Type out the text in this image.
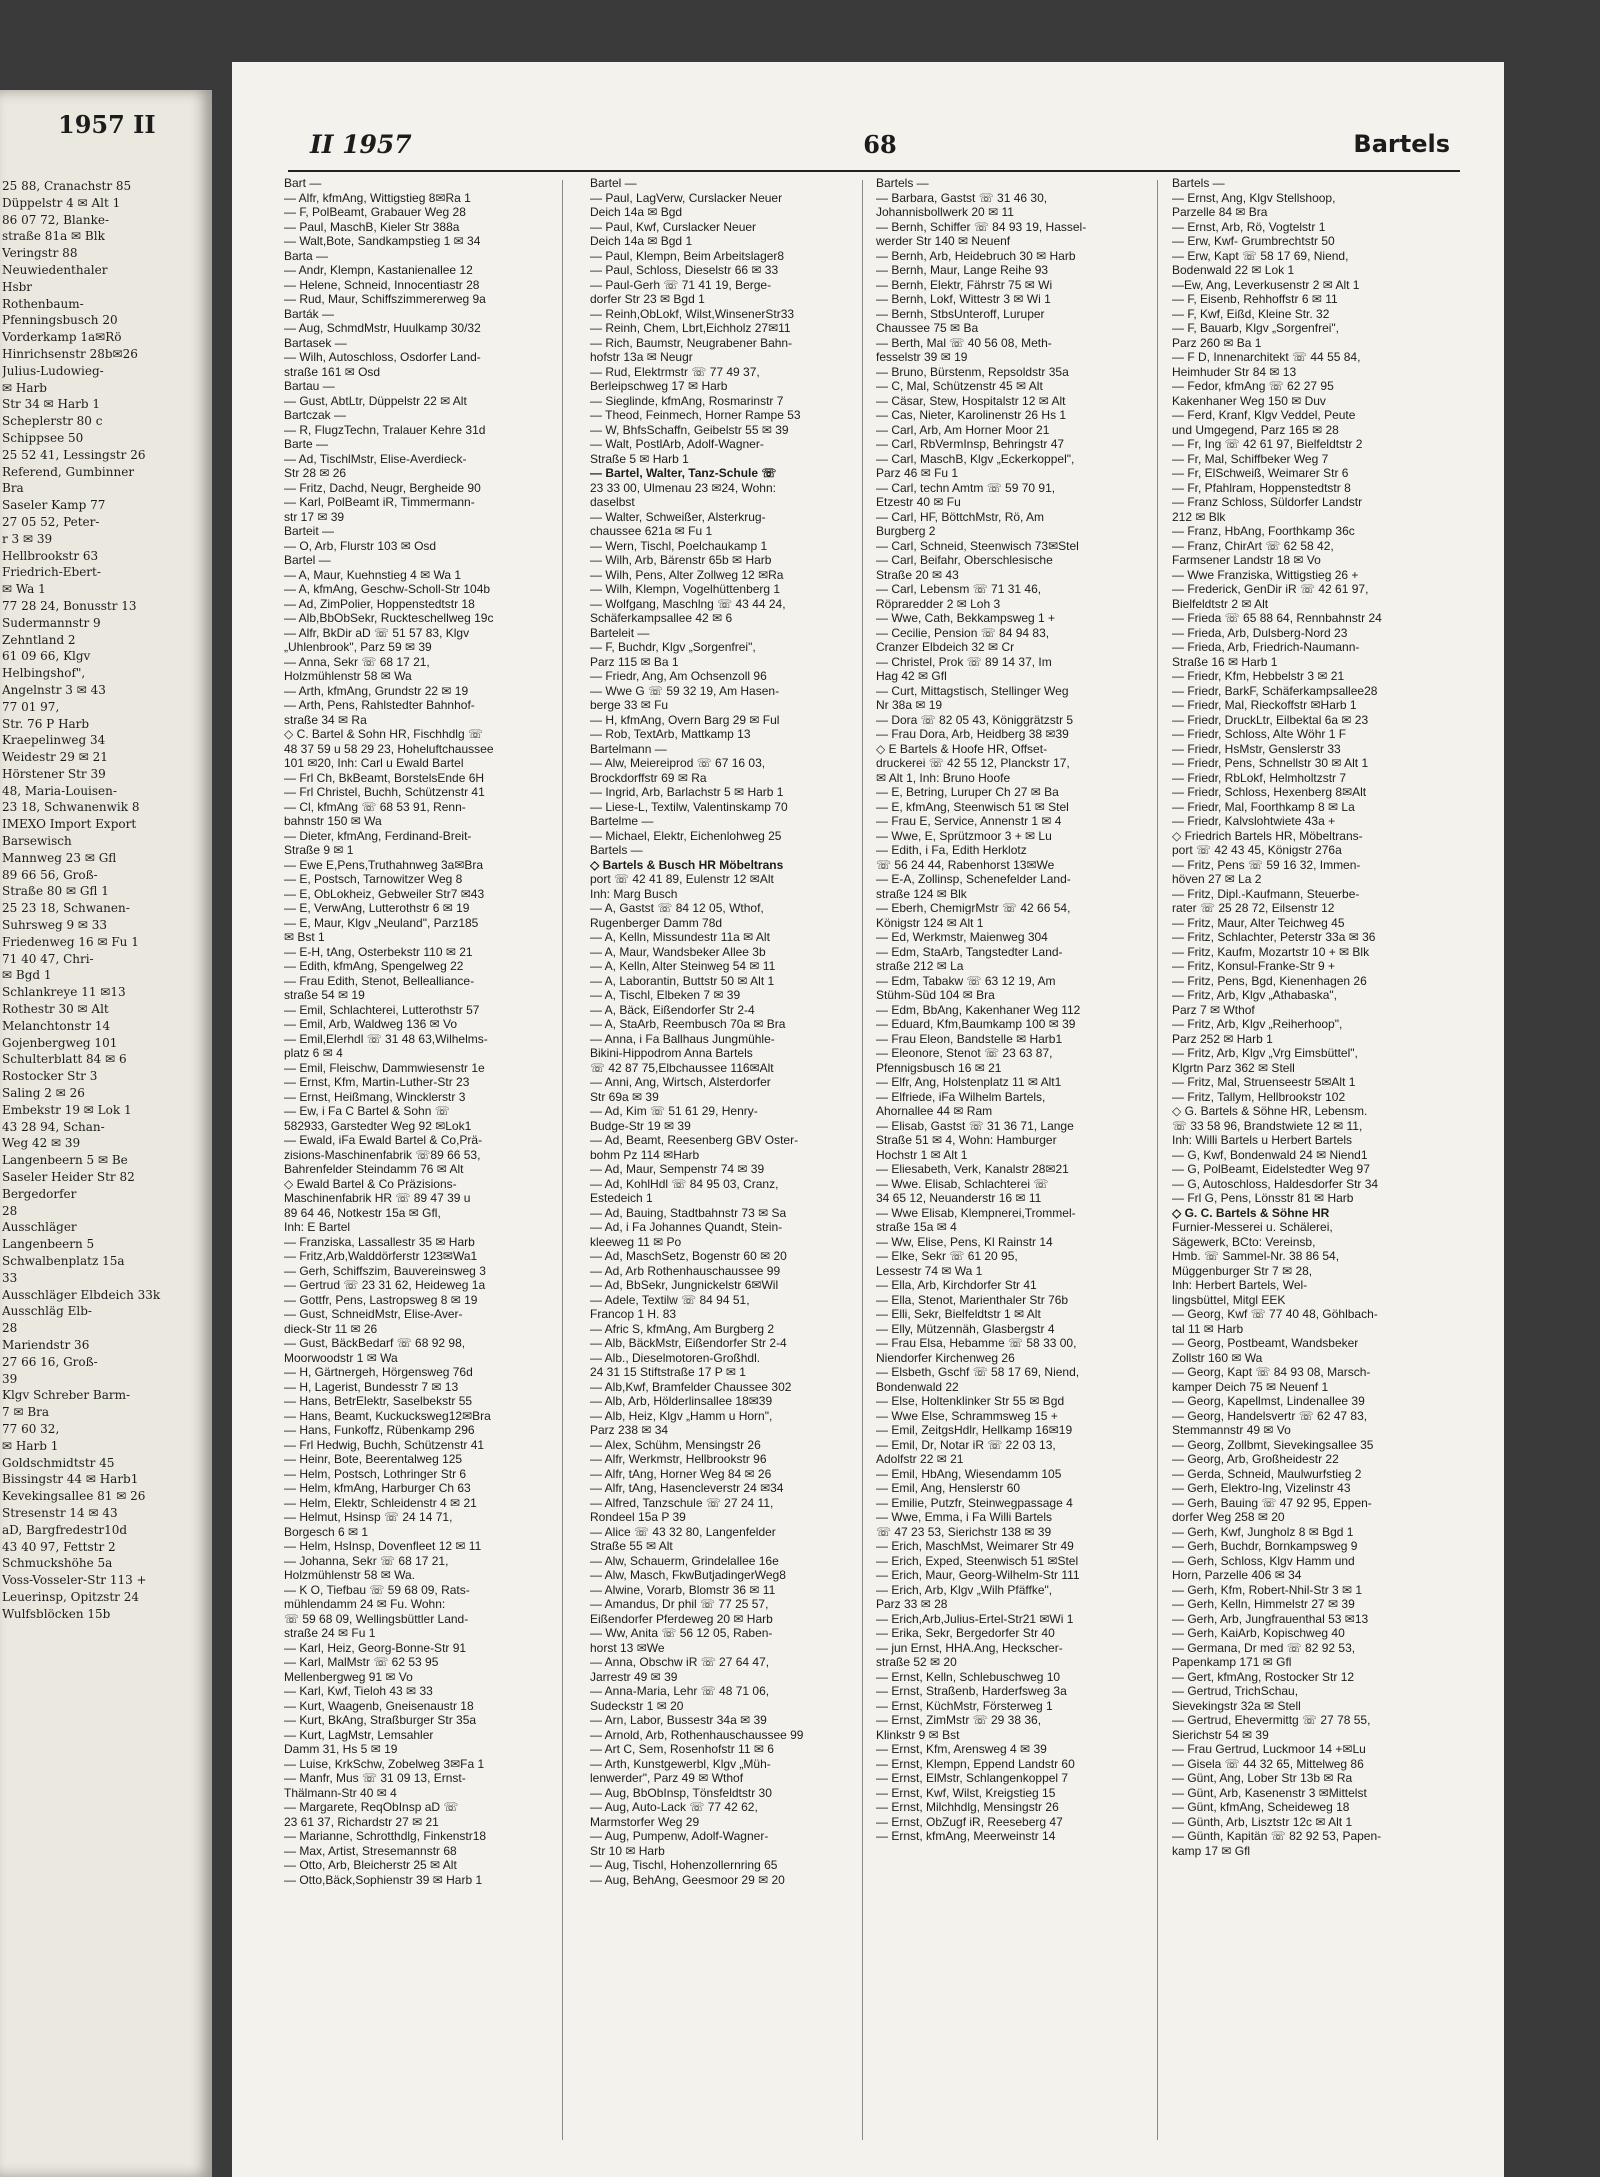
1957 II
25 88, Cranachstr 85
Düppelstr 4 ✉ Alt 1
86 07 72, Blanke-
straße 81a ✉ Blk
Veringstr 88
Neuwiedenthaler
Hsbr
Rothenbaum-
Pfenningsbusch 20
Vorderkamp 1a✉Rö
Hinrichsenstr 28b✉26
Julius-Ludowieg-
✉ Harb
Str 34 ✉ Harb 1
Scheplerstr 80 c
Schippsee 50
25 52 41, Lessingstr 26
Referend, Gumbinner
Bra
Saseler Kamp 77
27 05 52, Peter-
r 3 ✉ 39
Hellbrookstr 63
Friedrich-Ebert-
✉ Wa 1
77 28 24, Bonusstr 13
Sudermannstr 9
Zehntland 2
61 09 66, Klgv
Helbingshof",
Angelnstr 3 ✉ 43
77 01 97,
Str. 76 P Harb
Kraepelinweg 34
Weidestr 29 ✉ 21
Hörstener Str 39
48, Maria-Louisen-
23 18, Schwanenwik 8
IMEXO Import Export
Barsewisch
Mannweg 23 ✉ Gfl
89 66 56, Groß-
Straße 80 ✉ Gfl 1
25 23 18, Schwanen-
Suhrsweg 9 ✉ 33
Friedenweg 16 ✉ Fu 1
71 40 47, Chri-
✉ Bgd 1
Schlankreye 11 ✉13
Rothestr 30 ✉ Alt
Melanchtonstr 14
Gojenbergweg 101
Schulterblatt 84 ✉ 6
Rostocker Str 3
Saling 2 ✉ 26
Embekstr 19 ✉ Lok 1
43 28 94, Schan-
Weg 42 ✉ 39
Langenbeern 5 ✉ Be
Saseler Heider Str 82
Bergedorfer
28
Ausschläger
Langenbeern 5
Schwalbenplatz 15a
33
Ausschläger Elbdeich 33k
Ausschläg Elb-
28
Mariendstr 36
27 66 16, Groß-
39
Klgv Schreber Barm-
7 ✉ Bra
77 60 32,
✉ Harb 1
Goldschmidtstr 45
Bissingstr 44 ✉ Harb1
Kevekingsallee 81 ✉ 26
Stresenstr 14 ✉ 43
aD, Bargfredestr10d
43 40 97, Fettstr 2
Schmuckshöhe 5a
Voss-Vosseler-Str 113 +
Leuerinsp, Opitzstr 24
Wulfsblöcken 15b
II 1957	68	Bartels
Bart —
— Alfr, kfmAng, Wittigstieg 8✉Ra 1
— F, PolBeamt, Grabauer Weg 28
— Paul, MaschB, Kieler Str 388a
— Walt,Bote, Sandkampstieg 1 ✉ 34
Barta —
— Andr, Klempn, Kastanienallee 12
— Helene, Schneid, Innocentiastr 28
— Rud, Maur, Schiffszimmererweg 9a
Barták —
— Aug, SchmdMstr, Huulkamp 30/32
Bartasek —
— Wilh, Autoschloss, Osdorfer Land-
straße 161 ✉ Osd
Bartau —
— Gust, AbtLtr, Düppelstr 22 ✉ Alt
Bartczak —
— R, FlugzTechn, Tralauer Kehre 31d
Barte —
— Ad, TischlMstr, Elise-Averdieck-
Str 28 ✉ 26
— Fritz, Dachd, Neugr, Bergheide 90
— Karl, PolBeamt iR, Timmermann-
str 17 ✉ 39
Barteit —
— O, Arb, Flurstr 103 ✉ Osd
Bartel —
— A, Maur, Kuehnstieg 4 ✉ Wa 1
— A, kfmAng, Geschw-Scholl-Str 104b
— Ad, ZimPolier, Hoppenstedtstr 18
— Alb,BbObSekr, Ruckteschellweg 19c
— Alfr, BkDir aD ☏ 51 57 83, Klgv
„Uhlenbrook", Parz 59 ✉ 39
— Anna, Sekr ☏ 68 17 21,
Holzmühlenstr 58 ✉ Wa
— Arth, kfmAng, Grundstr 22 ✉ 19
— Arth, Pens, Rahlstedter Bahnhof-
straße 34 ✉ Ra
◇ C. Bartel & Sohn HR, Fischhdlg ☏
48 37 59 u 58 29 23, Hoheluftchaussee
101 ✉20, Inh: Carl u Ewald Bartel
— Frl Ch, BkBeamt, BorstelsEnde 6H
— Frl Christel, Buchh, Schützenstr 41
— Cl, kfmAng ☏ 68 53 91, Renn-
bahnstr 150 ✉ Wa
— Dieter, kfmAng, Ferdinand-Breit-
Straße 9 ✉ 1
— Ewe E,Pens,Truthahnweg 3a✉Bra
— E, Postsch, Tarnowitzer Weg 8
— E, ObLokheiz, Gebweiler Str7 ✉43
— E, VerwAng, Lutterothstr 6 ✉ 19
— E, Maur, Klgv „Neuland", Parz185
✉ Bst 1
— E-H, tAng, Osterbekstr 110 ✉ 21
— Edith, kfmAng, Spengelweg 22
— Frau Edith, Stenot, Bellealliance-
straße 54 ✉ 19
— Emil, Schlachterei, Lutterothstr 57
— Emil, Arb, Waldweg 136 ✉ Vo
— Emil,Elerhdl ☏ 31 48 63,Wilhelms-
platz 6 ✉ 4
— Emil, Fleischw, Dammwiesenstr 1e
— Ernst, Kfm, Martin-Luther-Str 23
— Ernst, Heißmang, Wincklerstr 3
— Ew, i Fa C Bartel & Sohn ☏
582933, Garstedter Weg 92 ✉Lok1
— Ewald, iFa Ewald Bartel & Co,Prä-
zisions-Maschinenfabrik ☏89 66 53,
Bahrenfelder Steindamm 76 ✉ Alt
◇ Ewald Bartel & Co Präzisions-
Maschinenfabrik HR ☏ 89 47 39 u
89 64 46, Notkestr 15a ✉ Gfl,
Inh: E Bartel
— Franziska, Lassallestr 35 ✉ Harb
— Fritz,Arb,Walddörferstr 123✉Wa1
— Gerh, Schiffszim, Bauvereinsweg 3
— Gertrud ☏ 23 31 62, Heideweg 1a
— Gottfr, Pens, Lastropsweg 8 ✉ 19
— Gust, SchneidMstr, Elise-Aver-
dieck-Str 11 ✉ 26
— Gust, BäckBedarf ☏ 68 92 98,
Moorwoodstr 1 ✉ Wa
— H, Gärtnergeh, Hörgensweg 76d
— H, Lagerist, Bundesstr 7 ✉ 13
— Hans, BetrElektr, Saselbekstr 55
— Hans, Beamt, Kuckucksweg12✉Bra
— Hans, Funkoffz, Rübenkamp 296
— Frl Hedwig, Buchh, Schützenstr 41
— Heinr, Bote, Beerentalweg 125
— Helm, Postsch, Lothringer Str 6
— Helm, kfmAng, Harburger Ch 63
— Helm, Elektr, Schleidenstr 4 ✉ 21
— Helmut, Hsinsp ☏ 24 14 71,
Borgesch 6 ✉ 1
— Helm, HsInsp, Dovenfleet 12 ✉ 11
— Johanna, Sekr ☏ 68 17 21,
Holzmühlenstr 58 ✉ Wa.
— K O, Tiefbau ☏ 59 68 09, Rats-
mühlendamm 24 ✉ Fu. Wohn:
☏ 59 68 09, Wellingsbüttler Land-
straße 24 ✉ Fu 1
— Karl, Heiz, Georg-Bonne-Str 91
— Karl, MalMstr ☏ 62 53 95
Mellenbergweg 91 ✉ Vo
— Karl, Kwf, Tieloh 43 ✉ 33
— Kurt, Waagenb, Gneisenaustr 18
— Kurt, BkAng, Straßburger Str 35a
— Kurt, LagMstr, Lemsahler
Damm 31, Hs 5 ✉ 19
— Luise, KrkSchw, Zobelweg 3✉Fa 1
— Manfr, Mus ☏ 31 09 13, Ernst-
Thälmann-Str 40 ✉ 4
— Margarete, ReqObInsp aD ☏
23 61 37, Richardstr 27 ✉ 21
— Marianne, Schrotthdlg, Finkenstr18
— Max, Artist, Stresemannstr 68
— Otto, Arb, Bleicherstr 25 ✉ Alt
— Otto,Bäck,Sophienstr 39 ✉ Harb 1
Bartel —
— Paul, LagVerw, Curslacker Neuer
Deich 14a ✉ Bgd
— Paul, Kwf, Curslacker Neuer
Deich 14a ✉ Bgd 1
— Paul, Klempn, Beim Arbeitslager8
— Paul, Schloss, Dieselstr 66 ✉ 33
— Paul-Gerh ☏ 71 41 19, Berge-
dorfer Str 23 ✉ Bgd 1
— Reinh,ObLokf, Wilst,WinsenerStr33
— Reinh, Chem, Lbrt,Eichholz 27✉11
— Rich, Baumstr, Neugrabener Bahn-
hofstr 13a ✉ Neugr
— Rud, Elektrmstr ☏ 77 49 37,
Berleipschweg 17 ✉ Harb
— Sieglinde, kfmAng, Rosmarinstr 7
— Theod, Feinmech, Horner Rampe 53
— W, BhfsSchaffn, Geibelstr 55 ✉ 39
— Walt, PostlArb, Adolf-Wagner-
Straße 5 ✉ Harb 1
— Bartel, Walter, Tanz-Schule ☏
23 33 00, Ulmenau 23 ✉24, Wohn:
daselbst
— Walter, Schweißer, Alsterkrug-
chaussee 621a ✉ Fu 1
— Wern, Tischl, Poelchaukamp 1
— Wilh, Arb, Bärenstr 65b ✉ Harb
— Wilh, Pens, Alter Zollweg 12 ✉Ra
— Wilh, Klempn, Vogelhüttenberg 1
— Wolfgang, Maschlng ☏ 43 44 24,
Schäferkampsallee 42 ✉ 6
Barteleit —
— F, Buchdr, Klgv „Sorgenfrei",
Parz 115 ✉ Ba 1
— Friedr, Ang, Am Ochsenzoll 96
— Wwe G ☏ 59 32 19, Am Hasen-
berge 33 ✉ Fu
— H, kfmAng, Overn Barg 29 ✉ Ful
— Rob, TextArb, Mattkamp 13
Bartelmann —
— Alw, Meiereiprod ☏ 67 16 03,
Brockdorffstr 69 ✉ Ra
— Ingrid, Arb, Barlachstr 5 ✉ Harb 1
— Liese-L, Textilw, Valentinskamp 70
Bartelme —
— Michael, Elektr, Eichenlohweg 25
Bartels —
◇ Bartels & Busch HR Möbeltrans
port ☏ 42 41 89, Eulenstr 12 ✉Alt
Inh: Marg Busch
— A, Gastst ☏ 84 12 05, Wthof,
Rugenberger Damm 78d
— A, Kelln, Missundestr 11a ✉ Alt
— A, Maur, Wandsbeker Allee 3b
— A, Kelln, Alter Steinweg 54 ✉ 11
— A, Laborantin, Buttstr 50 ✉ Alt 1
— A, Tischl, Elbeken 7 ✉ 39
— A, Bäck, Eißendorfer Str 2-4
— A, StaArb, Reembusch 70a ✉ Bra
— Anna, i Fa Ballhaus Jungmühle-
Bikini-Hippodrom Anna Bartels
☏ 42 87 75,Elbchaussee 116✉Alt
— Anni, Ang, Wirtsch, Alsterdorfer
Str 69a ✉ 39
— Ad, Kim ☏ 51 61 29, Henry-
Budge-Str 19 ✉ 39
— Ad, Beamt, Reesenberg GBV Oster-
bohm Pz 114 ✉Harb
— Ad, Maur, Sempenstr 74 ✉ 39
— Ad, KohlHdl ☏ 84 95 03, Cranz,
Estedeich 1
— Ad, Bauing, Stadtbahnstr 73 ✉ Sa
— Ad, i Fa Johannes Quandt, Stein-
kleeweg 11 ✉ Po
— Ad, MaschSetz, Bogenstr 60 ✉ 20
— Ad, Arb Rothenhauschaussee 99
— Ad, BbSekr, Jungnickelstr 6✉Wil
— Adele, Textilw ☏ 84 94 51,
Francop 1 H. 83
— Afric S, kfmAng, Am Burgberg 2
— Alb, BäckMstr, Eißendorfer Str 2-4
— Alb., Dieselmotoren-Großhdl.
24 31 15 Stiftstraße 17 P ✉ 1
— Alb,Kwf, Bramfelder Chaussee 302
— Alb, Arb, Hölderlinsallee 18✉39
— Alb, Heiz, Klgv „Hamm u Horn",
Parz 238 ✉ 34
— Alex, Schühm, Mensingstr 26
— Alfr, Werkmstr, Hellbrookstr 96
— Alfr, tAng, Horner Weg 84 ✉ 26
— Alfr, tAng, Hasencleverstr 24 ✉34
— Alfred, Tanzschule ☏ 27 24 11,
Rondeel 15a P 39
— Alice ☏ 43 32 80, Langenfelder
Straße 55 ✉ Alt
— Alw, Schauerm, Grindelallee 16e
— Alw, Masch, FkwButjadingerWeg8
— Alwine, Vorarb, Blomstr 36 ✉ 11
— Amandus, Dr phil ☏ 77 25 57,
Eißendorfer Pferdeweg 20 ✉ Harb
— Ww, Anita ☏ 56 12 05, Raben-
horst 13 ✉We
— Anna, Obschw iR ☏ 27 64 47,
Jarrestr 49 ✉ 39
— Anna-Maria, Lehr ☏ 48 71 06,
Sudeckstr 1 ✉ 20
— Arn, Labor, Bussestr 34a ✉ 39
— Arnold, Arb, Rothenhauschaussee 99
— Art C, Sem, Rosenhofstr 11 ✉ 6
— Arth, Kunstgewerbl, Klgv „Müh-
lenwerder", Parz 49 ✉ Wthof
— Aug, BbObInsp, Tönsfeldtstr 30
— Aug, Auto-Lack ☏ 77 42 62,
Marmstorfer Weg 29
— Aug, Pumpenw, Adolf-Wagner-
Str 10 ✉ Harb
— Aug, Tischl, Hohenzollernring 65
— Aug, BehAng, Geesmoor 29 ✉ 20
Bartels —
— Barbara, Gastst ☏ 31 46 30,
Johannisbollwerk 20 ✉ 11
— Bernh, Schiffer ☏ 84 93 19, Hassel-
werder Str 140 ✉ Neuenf
— Bernh, Arb, Heidebruch 30 ✉ Harb
— Bernh, Maur, Lange Reihe 93
— Bernh, Elektr, Fährstr 75 ✉ Wi
— Bernh, Lokf, Wittestr 3 ✉ Wi 1
— Bernh, StbsUnteroff, Luruper
Chaussee 75 ✉ Ba
— Berth, Mal ☏ 40 56 08, Meth-
fesselstr 39 ✉ 19
— Bruno, Bürstenm, Repsoldstr 35a
— C, Mal, Schützenstr 45 ✉ Alt
— Cäsar, Stew, Hospitalstr 12 ✉ Alt
— Cas, Nieter, Karolinenstr 26 Hs 1
— Carl, Arb, Am Horner Moor 21
— Carl, RbVermInsp, Behringstr 47
— Carl, MaschB, Klgv „Eckerkoppel",
Parz 46 ✉ Fu 1
— Carl, techn Amtm ☏ 59 70 91,
Etzestr 40 ✉ Fu
— Carl, HF, BöttchMstr, Rö, Am
Burgberg 2
— Carl, Schneid, Steenwisch 73✉Stel
— Carl, Beifahr, Oberschlesische
Straße 20 ✉ 43
— Carl, Lebensm ☏ 71 31 46,
Röpraredder 2 ✉ Loh 3
— Wwe, Cath, Bekkampsweg 1 +
— Cecilie, Pension ☏ 84 94 83,
Cranzer Elbdeich 32 ✉ Cr
— Christel, Prok ☏ 89 14 37, Im
Hag 42 ✉ Gfl
— Curt, Mittagstisch, Stellinger Weg
Nr 38a ✉ 19
— Dora ☏ 82 05 43, Königgrätzstr 5
— Frau Dora, Arb, Heidberg 38 ✉39
◇ E Bartels & Hoofe HR, Offset-
druckerei ☏ 42 55 12, Planckstr 17,
✉ Alt 1, Inh: Bruno Hoofe
— E, Betring, Luruper Ch 27 ✉ Ba
— E, kfmAng, Steenwisch 51 ✉ Stel
— Frau E, Service, Annenstr 1 ✉ 4
— Wwe, E, Sprützmoor 3 + ✉ Lu
— Edith, i Fa, Edith Herklotz
☏ 56 24 44, Rabenhorst 13✉We
— E-A, Zollinsp, Schenefelder Land-
straße 124 ✉ Blk
— Eberh, ChemigrMstr ☏ 42 66 54,
Königstr 124 ✉ Alt 1
— Ed, Werkmstr, Maienweg 304
— Edm, StaArb, Tangstedter Land-
straße 212 ✉ La
— Edm, Tabakw ☏ 63 12 19, Am
Stühm-Süd 104 ✉ Bra
— Edm, BbAng, Kakenhaner Weg 112
— Eduard, Kfm,Baumkamp 100 ✉ 39
— Frau Eleon, Bandstelle ✉ Harb1
— Eleonore, Stenot ☏ 23 63 87,
Pfennigsbusch 16 ✉ 21
— Elfr, Ang, Holstenplatz 11 ✉ Alt1
— Elfriede, iFa Wilhelm Bartels,
Ahornallee 44 ✉ Ram
— Elisab, Gastst ☏ 31 36 71, Lange
Straße 51 ✉ 4, Wohn: Hamburger
Hochstr 1 ✉ Alt 1
— Eliesabeth, Verk, Kanalstr 28✉21
— Wwe. Elisab, Schlachterei ☏
34 65 12, Neuanderstr 16 ✉ 11
— Wwe Elisab, Klempnerei,Trommel-
straße 15a ✉ 4
— Ww, Elise, Pens, Kl Rainstr 14
— Elke, Sekr ☏ 61 20 95,
Lessestr 74 ✉ Wa 1
— Ella, Arb, Kirchdorfer Str 41
— Ella, Stenot, Marienthaler Str 76b
— Elli, Sekr, Bielfeldtstr 1 ✉ Alt
— Elly, Mützennäh, Glasbergstr 4
— Frau Elsa, Hebamme ☏ 58 33 00,
Niendorfer Kirchenweg 26
— Elsbeth, Gschf ☏ 58 17 69, Niend,
Bondenwald 22
— Else, Holtenklinker Str 55 ✉ Bgd
— Wwe Else, Schrammsweg 15 +
— Emil, ZeitgsHdlr, Hellkamp 16✉19
— Emil, Dr, Notar iR ☏ 22 03 13,
Adolfstr 22 ✉ 21
— Emil, HbAng, Wiesendamm 105
— Emil, Ang, Henslerstr 60
— Emilie, Putzfr, Steinwegpassage 4
— Wwe, Emma, i Fa Willi Bartels
☏ 47 23 53, Sierichstr 138 ✉ 39
— Erich, MaschMst, Weimarer Str 49
— Erich, Exped, Steenwisch 51 ✉Stel
— Erich, Maur, Georg-Wilhelm-Str 111
— Erich, Arb, Klgv „Wilh Pfäffke",
Parz 33 ✉ 28
— Erich,Arb,Julius-Ertel-Str21 ✉Wi 1
— Erika, Sekr, Bergedorfer Str 40
— jun Ernst, HHA.Ang, Heckscher-
straße 52 ✉ 20
— Ernst, Kelln, Schlebuschweg 10
— Ernst, Straßenb, Harderfsweg 3a
— Ernst, KüchMstr, Försterweg 1
— Ernst, ZimMstr ☏ 29 38 36,
Klinkstr 9 ✉ Bst
— Ernst, Kfm, Arensweg 4 ✉ 39
— Ernst, Klempn, Eppend Landstr 60
— Ernst, ElMstr, Schlangenkoppel 7
— Ernst, Kwf, Wilst, Kreigstieg 15
— Ernst, Milchhdlg, Mensingstr 26
— Ernst, ObZugf iR, Reeseberg 47
— Ernst, kfmAng, Meerweinstr 14
Bartels —
— Ernst, Ang, Klgv Stellshoop,
Parzelle 84 ✉ Bra
— Ernst, Arb, Rö, Vogtelstr 1
— Erw, Kwf- Grumbrechtstr 50
— Erw, Kapt ☏ 58 17 69, Niend,
Bodenwald 22 ✉ Lok 1
—Ew, Ang, Leverkusenstr 2 ✉ Alt 1
— F, Eisenb, Rehhoffstr 6 ✉ 11
— F, Kwf, Eißd, Kleine Str. 32
— F, Bauarb, Klgv „Sorgenfrei",
Parz 260 ✉ Ba 1
— F D, Innenarchitekt ☏ 44 55 84,
Heimhuder Str 84 ✉ 13
— Fedor, kfmAng ☏ 62 27 95
Kakenhaner Weg 150 ✉ Duv
— Ferd, Kranf, Klgv Veddel, Peute
und Umgegend, Parz 165 ✉ 28
— Fr, Ing ☏ 42 61 97, Bielfeldtstr 2
— Fr, Mal, Schiffbeker Weg 7
— Fr, ElSchweiß, Weimarer Str 6
— Fr, Pfahlram, Hoppenstedtstr 8
— Franz Schloss, Süldorfer Landstr
212 ✉ Blk
— Franz, HbAng, Foorthkamp 36c
— Franz, ChirArt ☏ 62 58 42,
Farmsener Landstr 18 ✉ Vo
— Wwe Franziska, Wittigstieg 26 +
— Frederick, GenDir iR ☏ 42 61 97,
Bielfeldtstr 2 ✉ Alt
— Frieda ☏ 65 88 64, Rennbahnstr 24
— Frieda, Arb, Dulsberg-Nord 23
— Frieda, Arb, Friedrich-Naumann-
Straße 16 ✉ Harb 1
— Friedr, Kfm, Hebbelstr 3 ✉ 21
— Friedr, BarkF, Schäferkampsallee28
— Friedr, Mal, Rieckoffstr ✉Harb 1
— Friedr, DruckLtr, Eilbektal 6a ✉ 23
— Friedr, Schloss, Alte Wöhr 1 F
— Friedr, HsMstr, Genslerstr 33
— Friedr, Pens, Schnellstr 30 ✉ Alt 1
— Friedr, RbLokf, Helmholtzstr 7
— Friedr, Schloss, Hexenberg 8✉Alt
— Friedr, Mal, Foorthkamp 8 ✉ La
— Friedr, Kalvslohtwiete 43a +
◇ Friedrich Bartels HR, Möbeltrans-
port ☏ 42 43 45, Königstr 276a
— Fritz, Pens ☏ 59 16 32, Immen-
höven 27 ✉ La 2
— Fritz, Dipl.-Kaufmann, Steuerbe-
rater ☏ 25 28 72, Eilsenstr 12
— Fritz, Maur, Alter Teichweg 45
— Fritz, Schlachter, Peterstr 33a ✉ 36
— Fritz, Kaufm, Mozartstr 10 + ✉ Blk
— Fritz, Konsul-Franke-Str 9 +
— Fritz, Pens, Bgd, Kienenhagen 26
— Fritz, Arb, Klgv „Athabaska",
Parz 7 ✉ Wthof
— Fritz, Arb, Klgv „Reiherhoop",
Parz 252 ✉ Harb 1
— Fritz, Arb, Klgv „Vrg Eimsbüttel",
Klgrtn Parz 362 ✉ Stell
— Fritz, Mal, Struenseestr 5✉Alt 1
— Fritz, Tallym, Hellbrookstr 102
◇ G. Bartels & Söhne HR, Lebensm.
☏ 33 58 96, Brandstwiete 12 ✉ 11,
Inh: Willi Bartels u Herbert Bartels
— G, Kwf, Bondenwald 24 ✉ Niend1
— G, PolBeamt, Eidelstedter Weg 97
— G, Autoschloss, Haldesdorfer Str 34
— Frl G, Pens, Lönsstr 81 ✉ Harb
◇ G. C. Bartels & Söhne HR
Furnier-Messerei u. Schälerei,
Sägewerk, BCto: Vereinsb,
Hmb. ☏ Sammel-Nr. 38 86 54,
Müggenburger Str 7 ✉ 28,
Inh: Herbert Bartels, Wel-
lingsbüttel, Mitgl EEK
— Georg, Kwf ☏ 77 40 48, Göhlbach-
tal 11 ✉ Harb
— Georg, Postbeamt, Wandsbeker
Zollstr 160 ✉ Wa
— Georg, Kapt ☏ 84 93 08, Marsch-
kamper Deich 75 ✉ Neuenf 1
— Georg, Kapellmst, Lindenallee 39
— Georg, Handelsvertr ☏ 62 47 83,
Stemmannstr 49 ✉ Vo
— Georg, Zollbmt, Sievekingsallee 35
— Georg, Arb, Großheidestr 22
— Gerda, Schneid, Maulwurfstieg 2
— Gerh, Elektro-Ing, Vizelinstr 43
— Gerh, Bauing ☏ 47 92 95, Eppen-
dorfer Weg 258 ✉ 20
— Gerh, Kwf, Jungholz 8 ✉ Bgd 1
— Gerh, Buchdr, Bornkampsweg 9
— Gerh, Schloss, Klgv Hamm und
Horn, Parzelle 406 ✉ 34
— Gerh, Kfm, Robert-Nhil-Str 3 ✉ 1
— Gerh, Kelln, Himmelstr 27 ✉ 39
— Gerh, Arb, Jungfrauenthal 53 ✉13
— Gerh, KaiArb, Kopischweg 40
— Germana, Dr med ☏ 82 92 53,
Papenkamp 171 ✉ Gfl
— Gert, kfmAng, Rostocker Str 12
— Gertrud, TrichSchau,
Sievekingstr 32a ✉ Stell
— Gertrud, Ehevermittg ☏ 27 78 55,
Sierichstr 54 ✉ 39
— Frau Gertrud, Luckmoor 14 +✉Lu
— Gisela ☏ 44 32 65, Mittelweg 86
— Günt, Ang, Lober Str 13b ✉ Ra
— Günt, Arb, Kasenenstr 3 ✉Mittelst
— Günt, kfmAng, Scheideweg 18
— Günth, Arb, Lisztstr 12c ✉ Alt 1
— Günth, Kapitän ☏ 82 92 53, Papen-
kamp 17 ✉ Gfl
